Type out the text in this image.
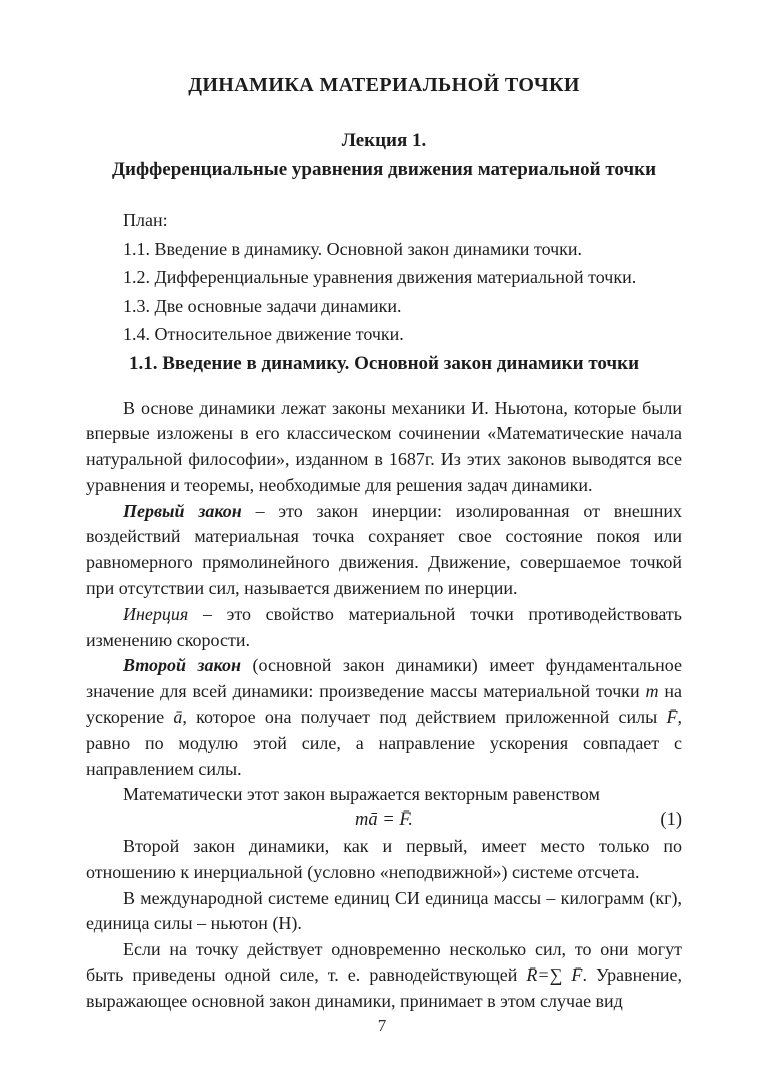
ДИНАМИКА МАТЕРИАЛЬНОЙ ТОЧКИ
Лекция 1.
Дифференциальные уравнения движения материальной точки
План:
1.1. Введение в динамику. Основной закон динамики точки.
1.2. Дифференциальные уравнения движения материальной точки.
1.3. Две основные задачи динамики.
1.4. Относительное движение точки.
1.1. Введение в динамику. Основной закон динамики точки

В основе динамики лежат законы механики И. Ньютона, которые были впервые изложены в его классическом сочинении «Математические начала натуральной философии», изданном в 1687г. Из этих законов выводятся все уравнения и теоремы, необходимые для решения задач динамики.

Первый закон – это закон инерции: изолированная от внешних воздействий материальная точка сохраняет свое состояние покоя или равномерного прямолинейного движения. Движение, совершаемое точкой при отсутствии сил, называется движением по инерции.

Инерция – это свойство материальной точки противодействовать изменению скорости.

Второй закон (основной закон динамики) имеет фундаментальное значение для всей динамики: произведение массы материальной точки m на ускорение ā, которое она получает под действием приложенной силы F̄, равно по модулю этой силе, а направление ускорения совпадает с направлением силы.

Математически этот закон выражается векторным равенством

mā = F̄.	(1)

Второй закон динамики, как и первый, имеет место только по отношению к инерциальной (условно «неподвижной») системе отсчета.

В международной системе единиц СИ единица массы – килограмм (кг), единица силы – ньютон (Н).

Если на точку действует одновременно несколько сил, то они могут быть приведены одной силе, т. е. равнодействующей R̄=∑ F̄. Уравнение, выражающее основной закон динамики, принимает в этом случае вид

7
